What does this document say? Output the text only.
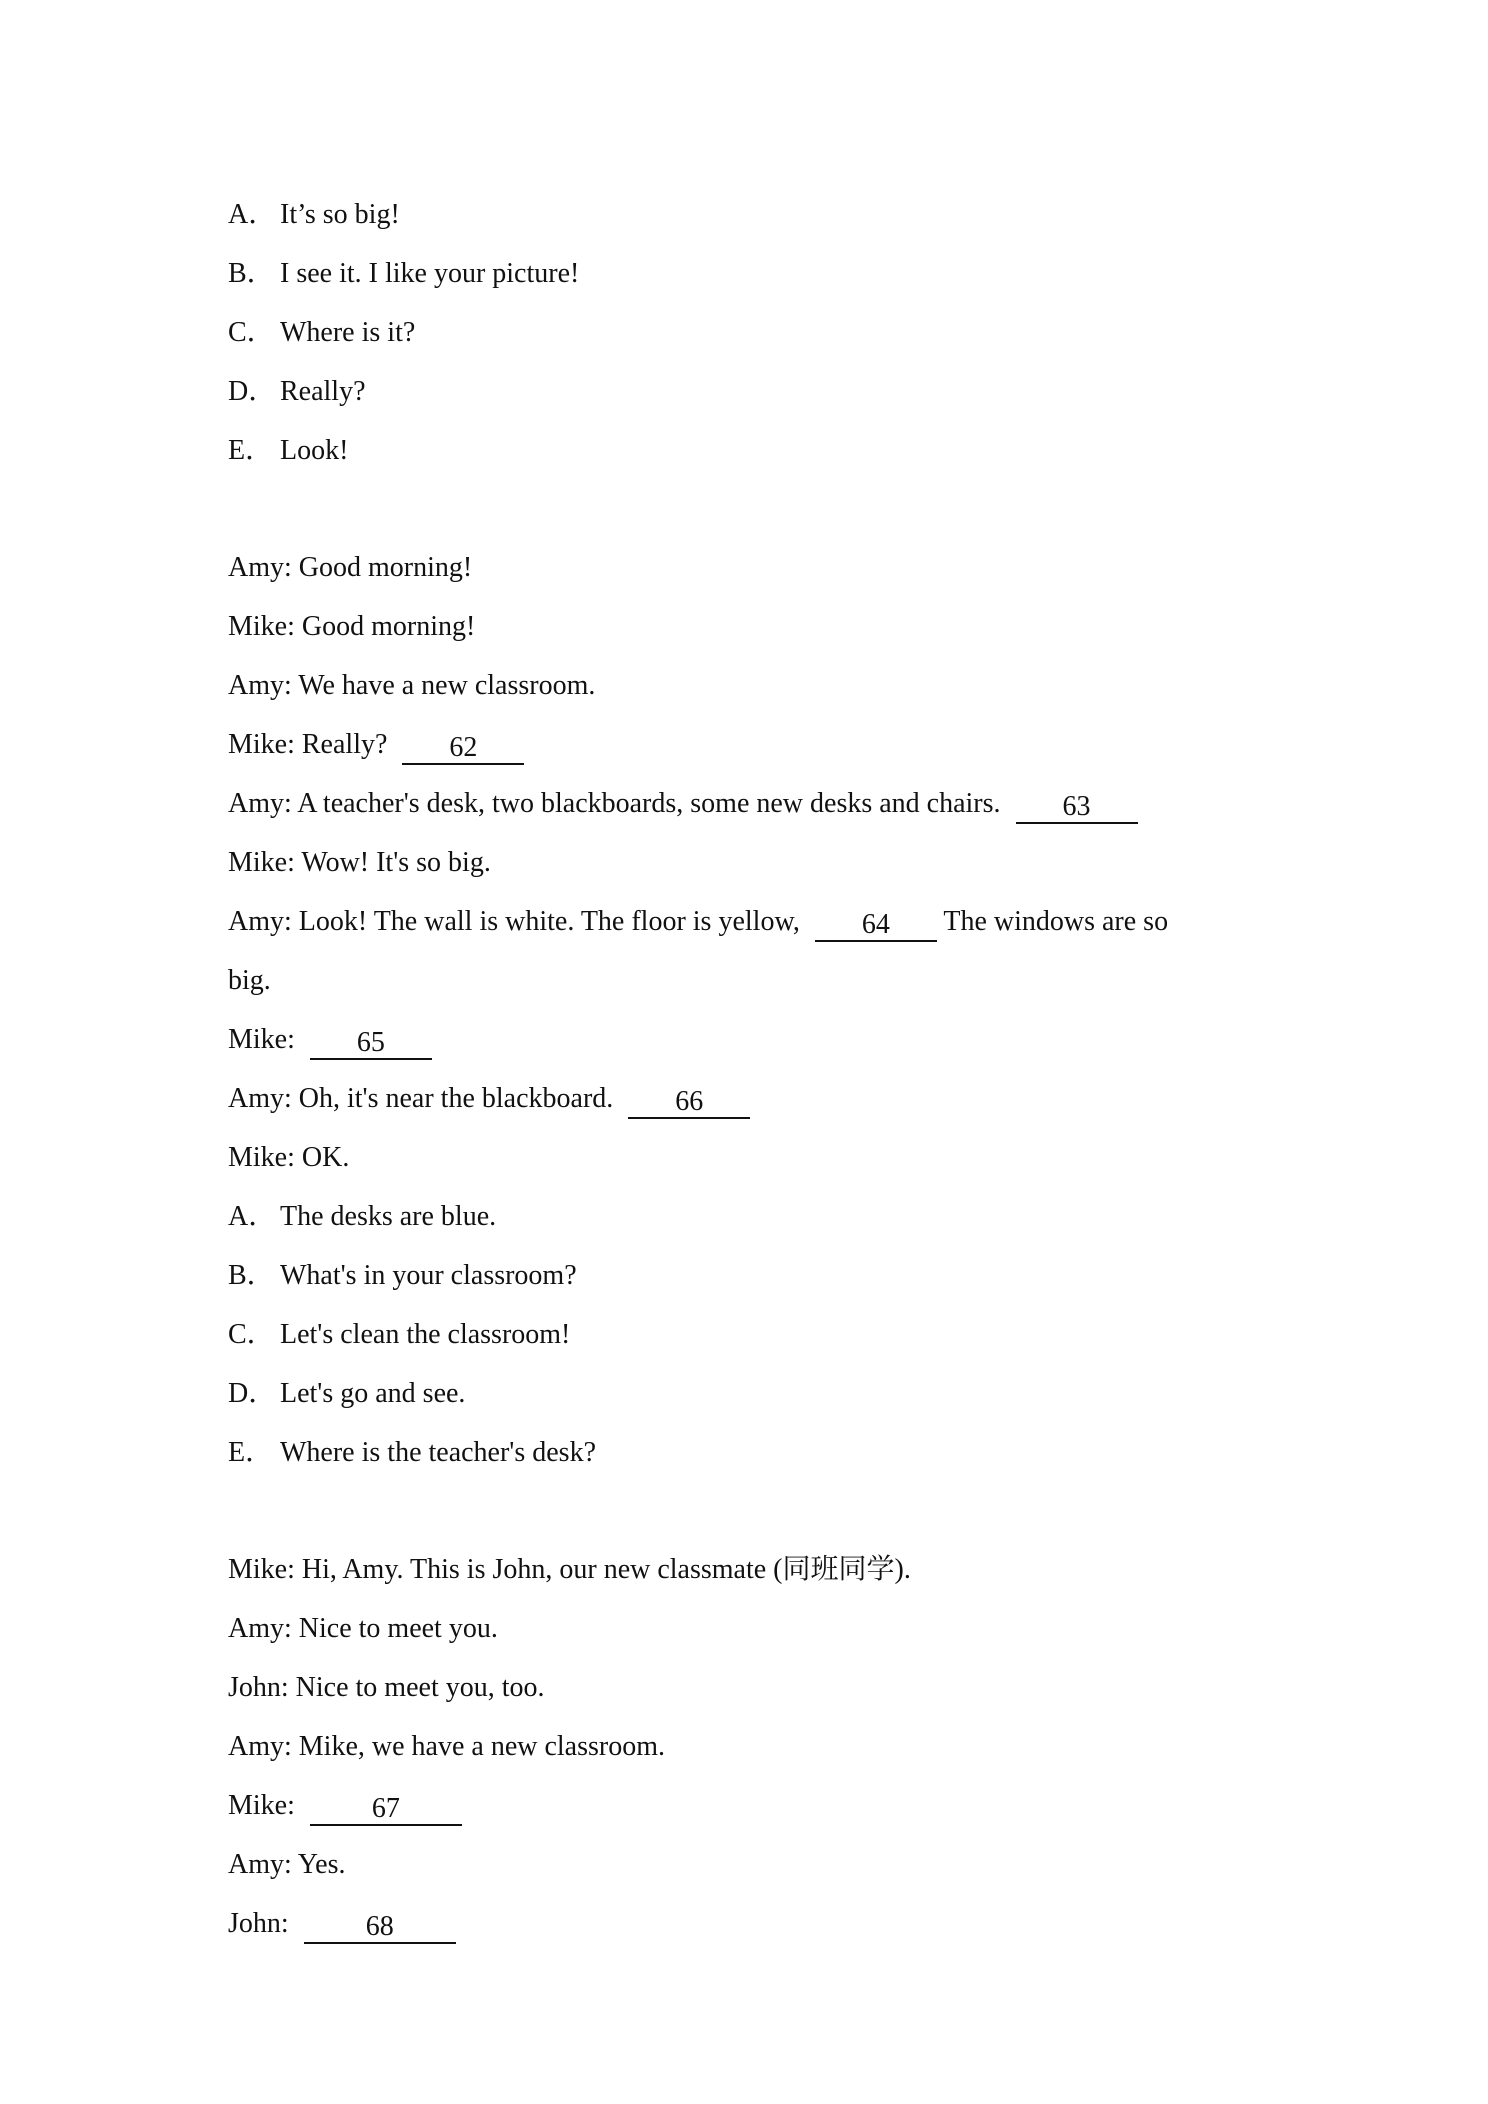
A． It’s so big!
B． I see it. I like your picture!
C． Where is it?
D． Really?
E． Look!
Amy: Good morning!
Mike: Good morning!
Amy: We have a new classroom.
Mike: Really? 62
Amy: A teacher's desk, two blackboards, some new desks and chairs. 63
Mike: Wow! It's so big.
Amy: Look! The wall is white. The floor is yellow, 64 The windows are so
big.
Mike: 65
Amy: Oh, it's near the blackboard. 66
Mike: OK.
A． The desks are blue.
B． What's in your classroom?
C． Let's clean the classroom!
D． Let's go and see.
E． Where is the teacher's desk?
Mike: Hi, Amy. This is John, our new classmate (同班同学).
Amy: Nice to meet you.
John: Nice to meet you, too.
Amy: Mike, we have a new classroom.
Mike:	67
Amy: Yes.
John:	68
